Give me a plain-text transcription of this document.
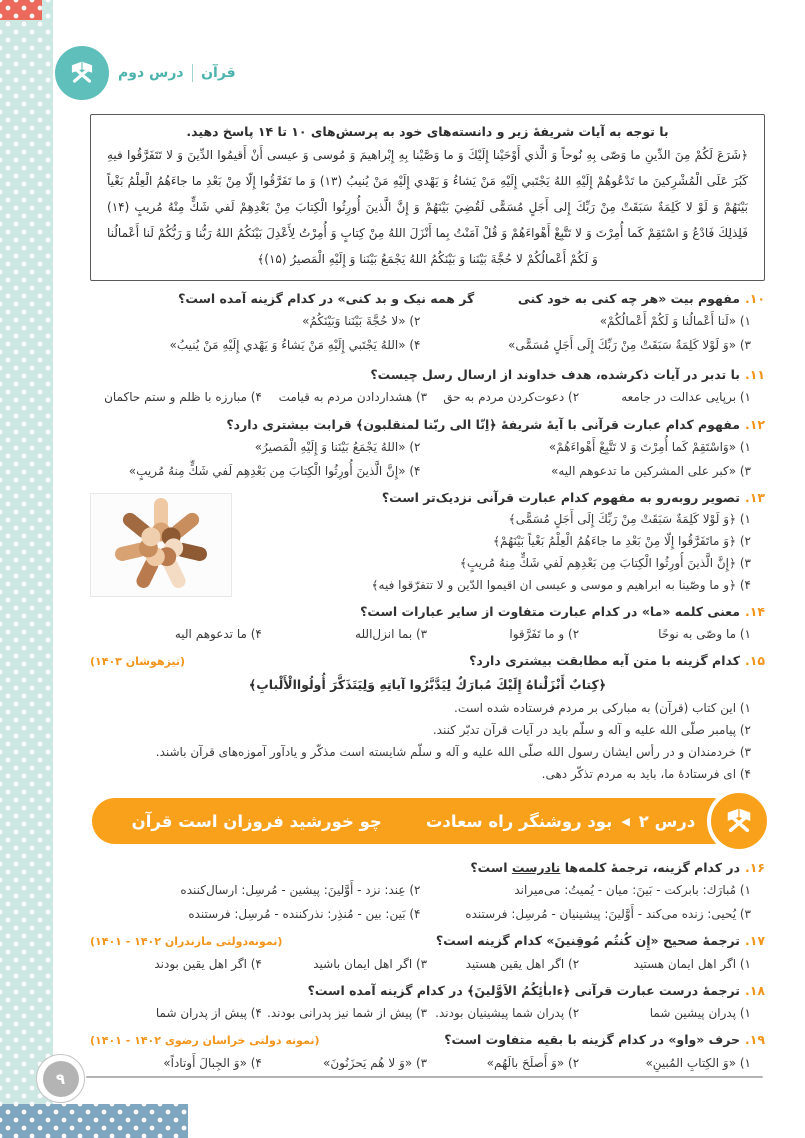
قرآن
درس دوم
با توجه به آیات شریفهٔ زیر و دانسته‌های خود به پرسش‌های ۱۰ تا ۱۴ پاسخ دهید.
﴿شَرَعَ لَكُمْ مِنَ الدِّينِ ما وَصّی بِهِ نُوحاً وَ الَّذي أَوْحَيْنا إِلَيْكَ وَ ما وَصَّيْنا بِهِ إِبْراهيمَ وَ مُوسی وَ عيسی أَنْ أَقيمُوا الدِّينَ وَ لا تَتَفَرَّقُوا فيهِ كَبُرَ عَلَی الْمُشْرِكينَ ما تَدْعُوهُمْ إِلَيْهِ اللهُ يَجْتَبي إِلَيْهِ مَنْ يَشاءُ وَ يَهْدي إِلَيْهِ مَنْ يُنيبُ (۱۳) وَ ما تَفَرَّقُوا إِلّا مِنْ بَعْدِ ما جاءَهُمُ الْعِلْمُ بَغْياً بَيْنَهُمْ وَ لَوْ لا كَلِمَةٌ سَبَقَتْ مِنْ رَبِّكَ إِلی أَجَلٍ مُسَمًّی لَقُضِيَ بَيْنَهُمْ وَ إِنَّ الَّذينَ أُورِثُوا الْكِتابَ مِنْ بَعْدِهِمْ لَفي شَكٍّ مِنْهُ مُريبٍ (۱۴) فَلِذلِكَ فَادْعُ وَ اسْتَقِمْ كَما أُمِرْتَ وَ لا تَتَّبِعْ أَهْواءَهُمْ وَ قُلْ آمَنْتُ بِما أَنْزَلَ اللهُ مِنْ كِتابٍ وَ أُمِرْتُ لِأَعْدِلَ بَيْنَكُمُ اللهُ رَبُّنا وَ رَبُّكُمْ لَنا أَعْمالُنا وَ لَكُمْ أَعْمالُكُمْ لا حُجَّةَ بَيْنَنا وَ بَيْنَكُمُ اللهُ يَجْمَعُ بَيْنَنا وَ إِلَيْهِ الْمَصيرُ (۱۵)﴾
۱۰.
مفهوم بیت «هر چه کنی به خود کنی          گر همه نیک و بد کنی» در کدام گزینه آمده است؟
۱) «لَنا أَعْمالُنا وَ لَكُمْ أَعْمالُكُمْ»
۲) «لا حُجَّةَ بَيْنَنا وَبَيْنَكُمُ»
۳) «وَ لَوْلا كَلِمَةٌ سَبَقَتْ مِنْ رَبِّكَ إِلَی أَجَلٍ مُسَمًّی»
۴) «اللهُ يَجْتَبي إِلَيْهِ مَنْ يَشاءُ وَ يَهْدي إِلَيْهِ مَنْ يُنيبُ»
۱۱.
با تدبر در آیات ذکرشده، هدف خداوند از ارسال رسل چیست؟
۱) برپایی عدالت در جامعه
۲) دعوت‌کردن مردم به حق
۳) هشداردادن مردم به قیامت
۴) مبارزه با ظلم و ستم حاکمان
۱۲.
مفهوم کدام عبارت قرآنی با آیهٔ شریفهٔ ﴿اِنّا الی ربّنا لمنقلبون﴾ قرابت بیشتری دارد؟
۱) «وَاسْتَقِمْ كَما أُمِرْتَ وَ لا تَتَّبِعْ أَهْواءَهُمْ»
۲) «اللهُ يَجْمَعُ بَيْنَنا وَ إِلَيْهِ الْمَصيرُ»
۳) «کبر علی المشرکین ما تدعوهم الیه»
۴) «إِنَّ الَّذينَ أُورِثُوا الْكِتابَ مِن بَعْدِهِم لَفي شَكٍّ مِنهُ مُريبٍ»
۱۳.
تصویر روبه‌رو به مفهوم کدام عبارت قرآنی نزدیک‌تر است؟
۱) ﴿وَ لَوْلا كَلِمَةٌ سَبَقَتْ مِنْ رَبِّكَ إِلَی أَجَلٍ مُسَمًّی﴾
۲) ﴿وَ ماتَفَرَّقُوا إِلّا مِنْ بَعْدِ ما جاءَهُمُ الْعِلْمُ بَغْياً بَيْنَهُمْ﴾
۳) ﴿إِنَّ الَّذينَ أُورِثُوا الْكِتابَ مِن بَعْدِهِم لَفي شَكٍّ مِنهُ مُريبٍ﴾
۴) ﴿و ما وصّینا به ابراهیم و موسی و عیسی ان اقیموا الدّین و لا تتفرّقوا فیه﴾
۱۴.
معنی کلمه «ما» در کدام عبارت متفاوت از سایر عبارات است؟
۱) ما وصّی به نوحًا
۲) و ما تَفَرَّقوا
۳) بما انزل‌الله
۴) ما تدعوهم الیه
۱۵.
کدام گزینه با متن آیه مطابقت بیشتری دارد؟
(تیزهوشان ۱۴۰۳)
﴿كِتابٌ أَنْزَلْناهُ إِلَيْكَ مُبارَكٌ لِيَدَّبَّرُوا آياتِهِ وَلِيَتَذَكَّرَ أُولُواالْأَلْبابِ﴾
۱) این کتاب (قرآن) به مبارکی بر مردم فرستاده شده است.
۲) پیامبر صلّی الله علیه و آله و سلّم باید در آیات قرآن تدبّر کنند.
۳) خردمندان و در رأس ایشان رسول الله صلّی الله علیه و آله و سلّم شایسته است مذکّر و یادآور آموزه‌های قرآن باشند.
۴) ای فرستادهٔ ما، باید به مردم تذکّر دهی.
درس ۲
◀
بود روشنگر راه سعادت
چو خورشید فروزان است قرآن
۱۶.
در کدام گزینه، ترجمهٔ کلمه‌ها نادرست است؟
۱) مُبارَك: بابرکت - بَينَ: میان - يُميتُ: می‌میراند
۲) عِند: نزد - أَوَّلينَ: پیشین - مُرسِل: ارسال‌کننده
۳) يُحيی: زنده می‌کند - أَوَّلينَ: پیشینیان - مُرسِل: فرستنده
۴) بَين: بین - مُنذِر: نذرکننده - مُرسِل: فرستنده
۱۷.
ترجمهٔ صحیح «إِن كُنتُم مُوقِنينَ» کدام گزینه است؟
(نمونه‌دولتی مازندران ۱۴۰۲ - ۱۴۰۱)
۱) اگر اهل ایمان هستید
۲) اگر اهل یقین هستید
۳) اگر اهل ایمان باشید
۴) اگر اهل یقین بودند
۱۸.
ترجمهٔ درست عبارت قرآنی ﴿ءاباٰئِكُمُ الاَوَّلينَ﴾ در کدام گزینه آمده است؟
۱) پدران پیشین شما
۲) پدران شما پیشینیان بودند.
۳) پیش از شما نیز پدرانی بودند.
۴) پیش از پدران شما
۱۹.
حرف «واو» در کدام گزینه با بقیه متفاوت است؟
(نمونه دولتی خراسان رضوی ۱۴۰۲ - ۱۴۰۱)
۱) «وَ الکِتابِ المُبينِ»
۲) «وَ أَصلَحَ بالَهُم»
۳) «وَ لا هُم يَحزَنُونَ»
۴) «وَ الجِبالَ أَوتاداً»
۹
